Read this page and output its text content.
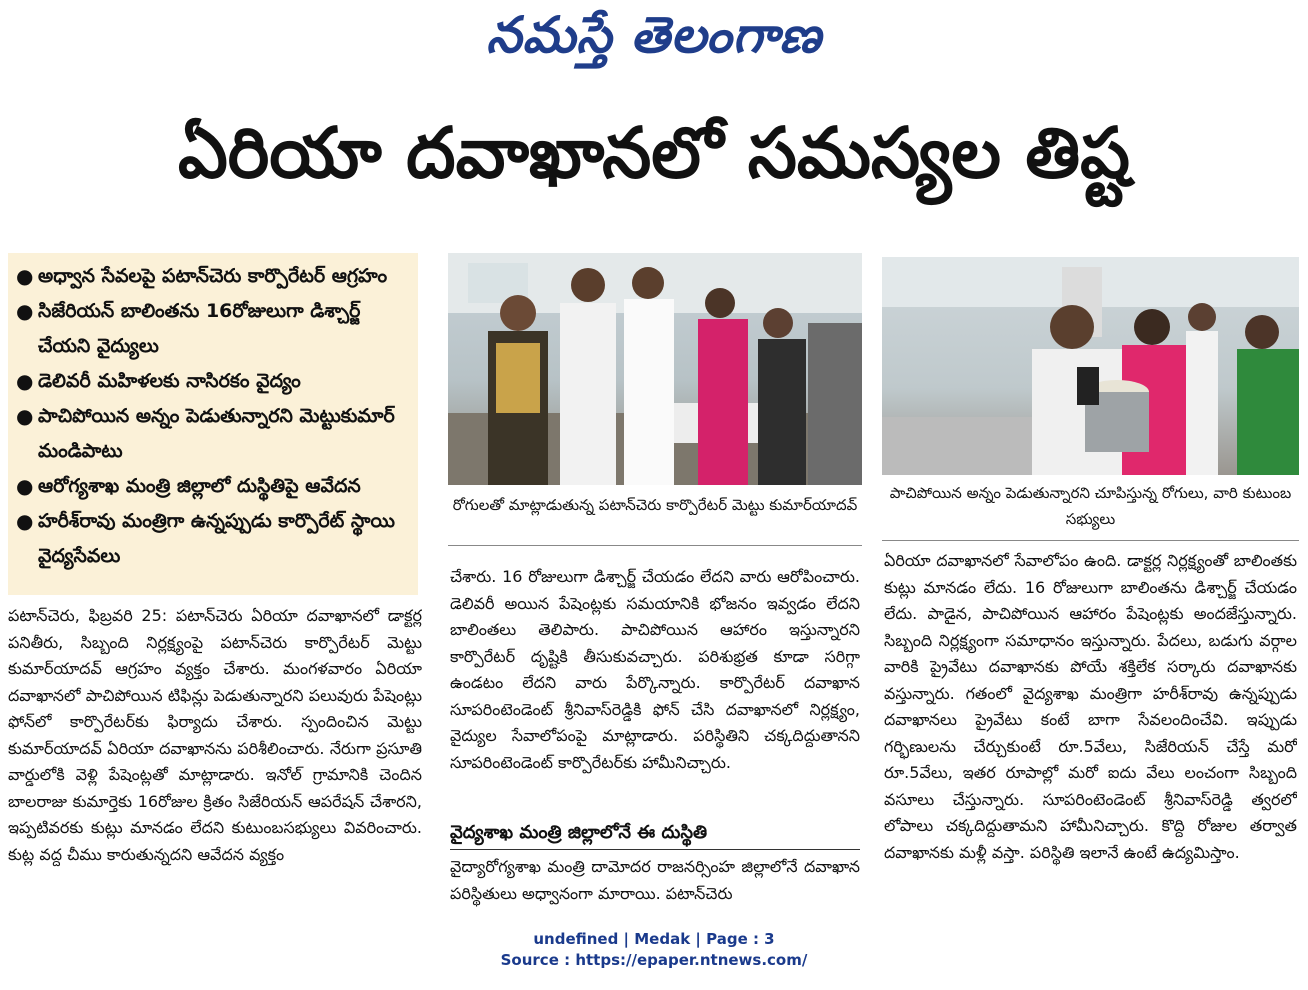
నమస్తే తెలంగాణ
ఏరియా దవాఖానలో సమస్యల తిష్ట
● అధ్వాన సేవలపై పటాన్‌చెరు కార్పొరేటర్ ఆగ్రహం
● సిజేరియన్ బాలింతను 16రోజులుగా డిశ్చార్జ్ చేయని వైద్యులు
● డెలివరీ మహిళలకు నాసిరకం వైద్యం
● పాచిపోయిన అన్నం పెడుతున్నారని మెట్టుకుమార్ మండిపాటు
● ఆరోగ్యశాఖ మంత్రి జిల్లాలో దుస్థితిపై ఆవేదన
● హరీశ్‌రావు మంత్రిగా ఉన్నప్పుడు కార్పొరేట్ స్థాయి వైద్యసేవలు
పటాన్‌చెరు, ఫిబ్రవరి 25: పటాన్‌చెరు ఏరియా దవాఖానలో డాక్టర్ల పనితీరు, సిబ్బంది నిర్లక్ష్యంపై పటాన్‌చెరు కార్పొరేటర్ మెట్టు కుమార్‌యాదవ్ ఆగ్రహం వ్యక్తం చేశారు. మంగళవారం ఏరియా దవాఖానలో పాచిపోయిన టిఫిన్లు పెడుతున్నారని పలువురు పేషెంట్లు ఫోన్‌లో కార్పొరేటర్‌కు ఫిర్యాదు చేశారు. స్పందించిన మెట్టు కుమార్‌యాదవ్ ఏరియా దవాఖానను పరిశీలించారు. నేరుగా ప్రసూతి వార్డులోకి వెళ్లి పేషెంట్లతో మాట్లాడారు. ఇనోల్ గ్రామానికి చెందిన బాలరాజు కుమార్తెకు 16రోజుల క్రితం సిజేరియన్ ఆపరేషన్ చేశారని, ఇప్పటివరకు కుట్లు మానడం లేదని కుటుంబసభ్యులు వివరించారు. కుట్ల వద్ద చీము కారుతున్నదని ఆవేదన వ్యక్తం
రోగులతో మాట్లాడుతున్న పటాన్‌చెరు కార్పొరేటర్ మెట్టు కుమార్‌యాదవ్
పాచిపోయిన అన్నం పెడుతున్నారని చూపిస్తున్న రోగులు, వారి కుటుంబ సభ్యులు
చేశారు. 16 రోజులుగా డిశ్చార్జ్ చేయడం లేదని వారు ఆరోపించారు. డెలివరీ అయిన పేషెంట్లకు సమయానికి భోజనం ఇవ్వడం లేదని బాలింతలు తెలిపారు. పాచిపోయిన ఆహారం ఇస్తున్నారని కార్పొరేటర్ దృష్టికి తీసుకువచ్చారు. పరిశుభ్రత కూడా సరిగ్గా ఉండటం లేదని వారు పేర్కొన్నారు. కార్పొరేటర్ దవాఖాన సూపరింటెండెంట్ శ్రీనివాస్‌రెడ్డికి ఫోన్ చేసి దవాఖానలో నిర్లక్ష్యం, వైద్యుల సేవాలోపంపై మాట్లాడారు. పరిస్థితిని చక్కదిద్దుతానని సూపరింటెండెంట్ కార్పొరేటర్‌కు హామీనిచ్చారు.
వైద్యశాఖ మంత్రి జిల్లాలోనే ఈ దుస్థితి
వైద్యారోగ్యశాఖ మంత్రి దామోదర రాజనర్సింహ జిల్లాలోనే దవాఖాన పరిస్థితులు అధ్వానంగా మారాయి. పటాన్‌చెరు
ఏరియా దవాఖానలో సేవాలోపం ఉంది. డాక్టర్ల నిర్లక్ష్యంతో బాలింతకు కుట్లు మానడం లేదు. 16 రోజులుగా బాలింతను డిశ్చార్జ్ చేయడం లేదు. పాడైన, పాచిపోయిన ఆహారం పేషెంట్లకు అందజేస్తున్నారు. సిబ్బంది నిర్లక్ష్యంగా సమాధానం ఇస్తున్నారు. పేదలు, బడుగు వర్గాల వారికి ప్రైవేటు దవాఖానకు పోయే శక్తిలేక సర్కారు దవాఖానకు వస్తున్నారు. గతంలో వైద్యశాఖ మంత్రిగా హరీశ్‌రావు ఉన్నప్పుడు దవాఖానలు ప్రైవేటు కంటే బాగా సేవలందించేవి. ఇప్పుడు గర్భిణులను చేర్చుకుంటే రూ.5వేలు, సిజేరియన్ చేస్తే మరో రూ.5వేలు, ఇతర రూపాల్లో మరో ఐదు వేలు లంచంగా సిబ్బంది వసూలు చేస్తున్నారు. సూపరింటెండెంట్ శ్రీనివాస్‌రెడ్డి త్వరలో లోపాలు చక్కదిద్దుతామని హామీనిచ్చారు. కొద్ది రోజుల తర్వాత దవాఖానకు మళ్లీ వస్తా. పరిస్థితి ఇలానే ఉంటే ఉద్యమిస్తాం.
undefined | Medak | Page : 3
Source : https://epaper.ntnews.com/
